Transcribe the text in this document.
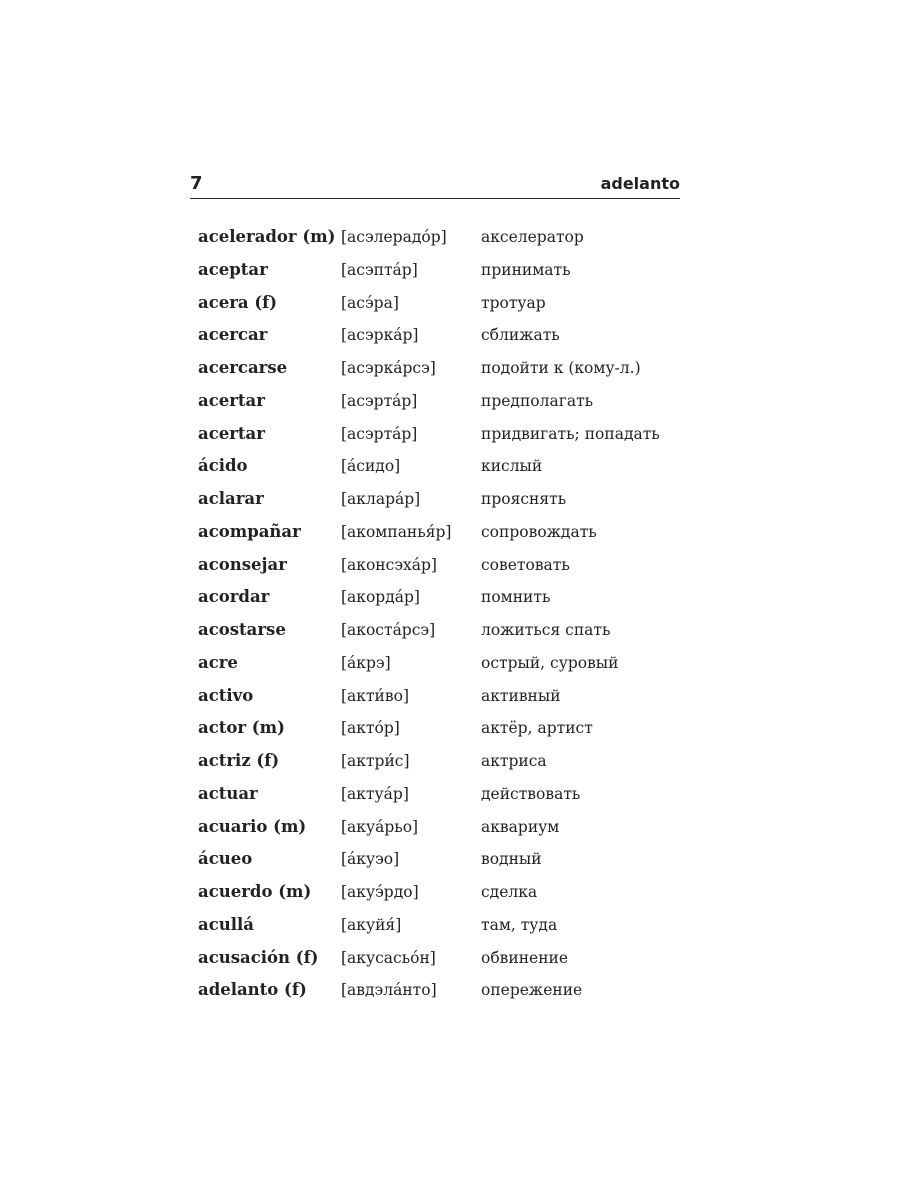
7	adelanto
acelerador (m) [асэлерадо́р] акселератор
aceptar	[асэпта́р]	принимать
acera (f)	[асэ́ра]	тротуар
acercar	[асэрка́р]	сближать
acercarse	[асэрка́рсэ]	подойти к (кому-л.)
acertar	[асэрта́р]	предполагать
acertar	[асэрта́р]	придвигать; попадать
ácido	[а́сидо]	кислый
aclarar	[аклара́р]	прояснять
acompañar	[акомпанья́р] сопровождать
aconsejar	[аконсэха́р]	советовать
acordar	[акорда́р]	помнить
acostarse	[акоста́рсэ]	ложиться спать
acre	[а́крэ]	острый, суровый
activo	[акти́во]	активный
actor (m)	[акто́р]	актёр, артист
actriz (f)	[актри́с]	актриса
actuar	[актуа́р]	действовать
acuario (m) [акуа́рьо]	аквариум
ácueo	[а́куэо]	водный
acuerdo (m) [акуэ́рдо]	сделка
acullá	[акуйя́]	там, туда
acusación (f) [акусасьо́н]	обвинение
adelanto (f) [авдэла́нто]	опережение
